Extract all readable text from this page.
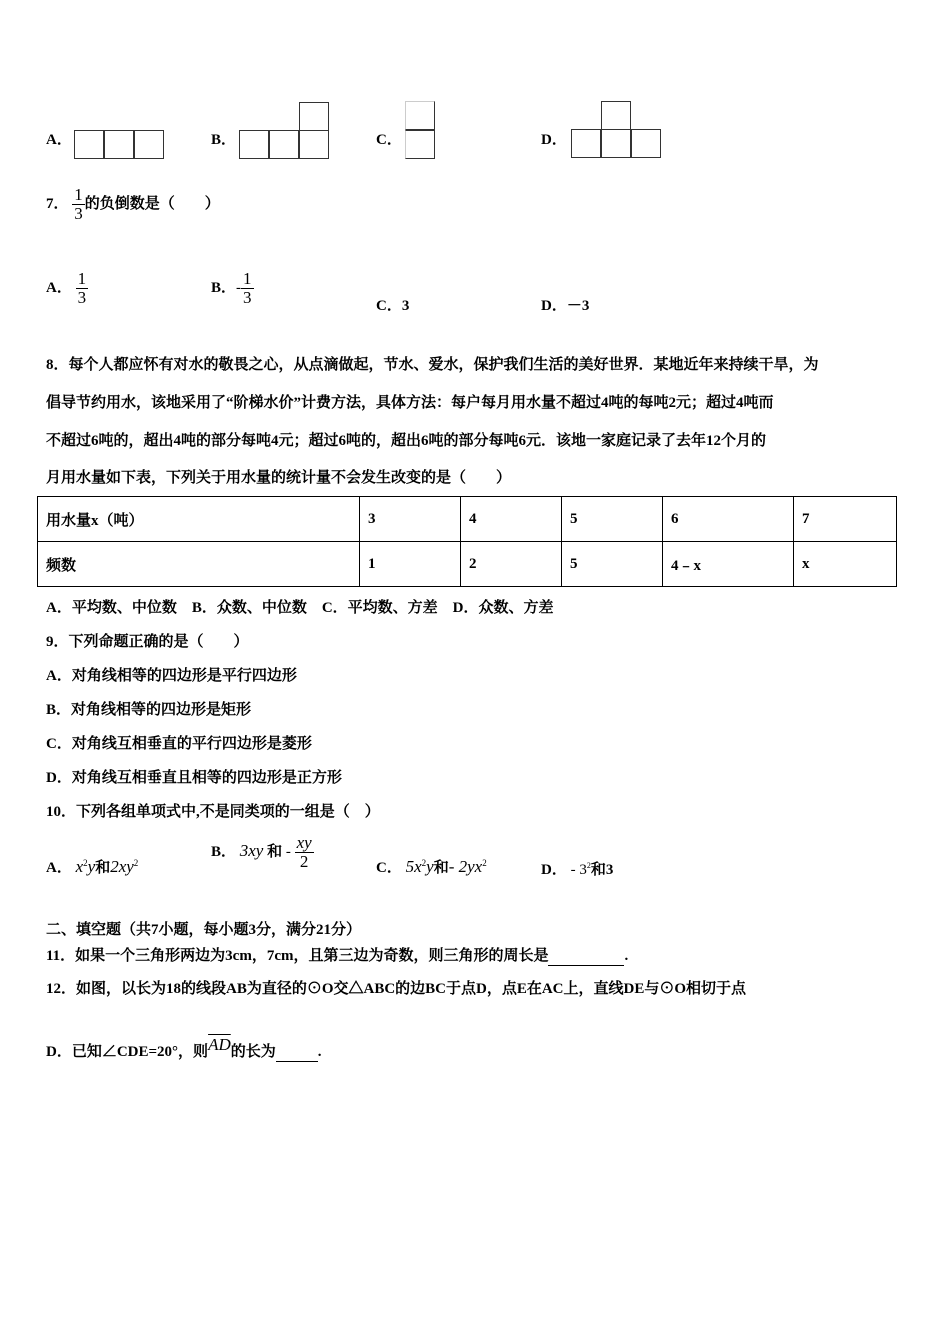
A．	B．	C．	D．
7． $\frac{1}{3}$ 的负倒数是（　　）
A． $\frac{1}{3}$	B．- $\frac{1}{3}$	C．3	D．－3
8．每个人都应怀有对水的敬畏之心，从点滴做起，节水、爱水，保护我们生活的美好世界．某地近年来持续干旱，为
倡导节约用水，该地采用了“阶梯水价”计费方法，具体方法：每户每月用水量不超过4吨的每吨2元；超过4吨而
不超过6吨的，超出4吨的部分每吨4元；超过6吨的，超出6吨的部分每吨6元．该地一家庭记录了去年12个月的
月用水量如下表，下列关于用水量的统计量不会发生改变的是（　　）
用水量x（吨）	3	4	5	6	7
频数	1	2	5	4﹣x	x
A．平均数、中位数　B．众数、中位数　C．平均数、方差　D．众数、方差
9．下列命题正确的是（　　）
A．对角线相等的四边形是平行四边形
B．对角线相等的四边形是矩形
C．对角线互相垂直的平行四边形是菱形
D．对角线互相垂直且相等的四边形是正方形
10．下列各组单项式中,不是同类项的一组是（　）
A． $x^2y$和$2xy^2$
B． 3xy 和 - $\frac{xy}{2}$	C． $5x^2y$和- $2yx^2$	D． - $3^2$和3
二、填空题（共7小题，每小题3分，满分21分）
11．如果一个三角形两边为3cm，7cm，且第三边为奇数，则三角形的周长是	.
12．如图，以长为18的线段AB为直径的⊙O交△ABC的边BC于点D，点E在AC上，直线DE与⊙O相切于点
D．已知∠CDE=20°，则$\overline{AD}$的长为	.
